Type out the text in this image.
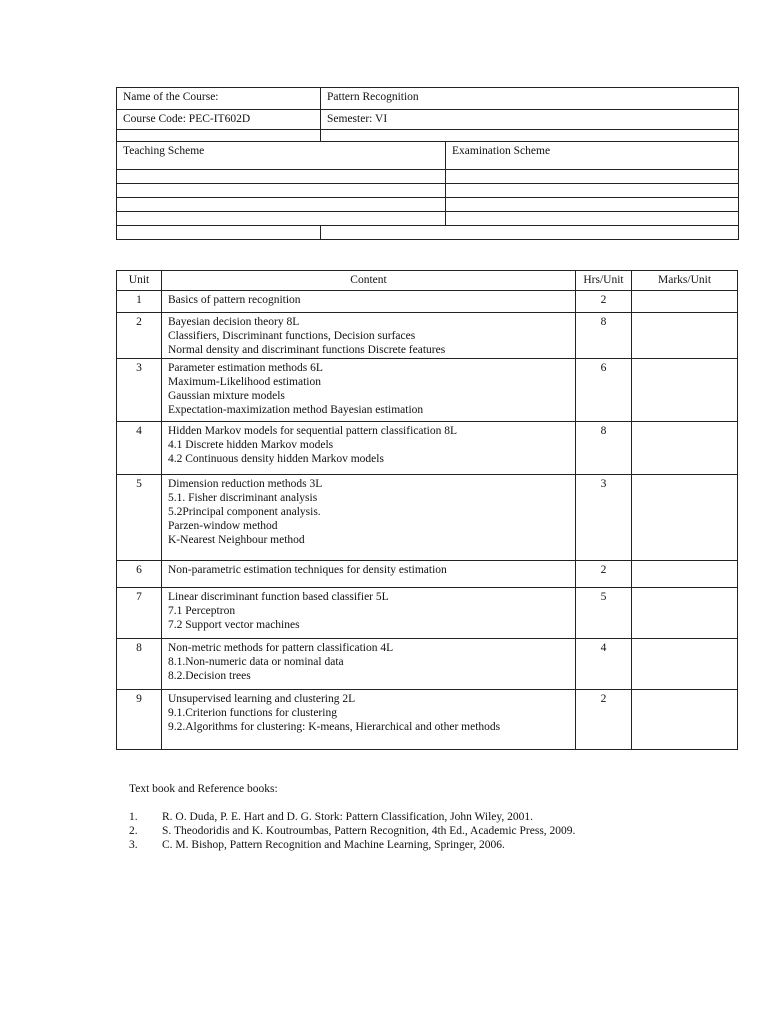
Name of the Course:	Pattern Recognition	
Course Code: PEC-IT602D	Semester: VI	

Teaching Scheme		Examination Scheme

Unit	Content	Hrs/Unit	Marks/Unit
1	Basics of pattern recognition	2	
2	Bayesian decision theory 8L
Classifiers, Discriminant functions, Decision surfaces
Normal density and discriminant functions Discrete features	8	
3	Parameter estimation methods 6L
Maximum-Likelihood estimation
Gaussian mixture models
Expectation-maximization method Bayesian estimation	6	
4	Hidden Markov models for sequential pattern classification 8L
4.1 Discrete hidden Markov models
4.2 Continuous density hidden Markov models	8	
5	Dimension reduction methods 3L
5.1. Fisher discriminant analysis
5.2Principal component analysis.
Parzen-window method
K-Nearest Neighbour method	3	
6	Non-parametric estimation techniques for density estimation	2	
7	Linear discriminant function based classifier 5L
7.1 Perceptron
7.2 Support vector machines	5	
8	Non-metric methods for pattern classification 4L
8.1.Non-numeric data or nominal data
8.2.Decision trees	4	
9	Unsupervised learning and clustering 2L
9.1.Criterion functions for clustering
9.2.Algorithms for clustering: K-means, Hierarchical and other methods	2	
Text book and Reference books:
1.	R. O. Duda, P. E. Hart and D. G. Stork: Pattern Classification, John Wiley, 2001.
2.	S. Theodoridis and K. Koutroumbas, Pattern Recognition, 4th Ed., Academic Press, 2009.
3.	C. M. Bishop, Pattern Recognition and Machine Learning, Springer, 2006.
